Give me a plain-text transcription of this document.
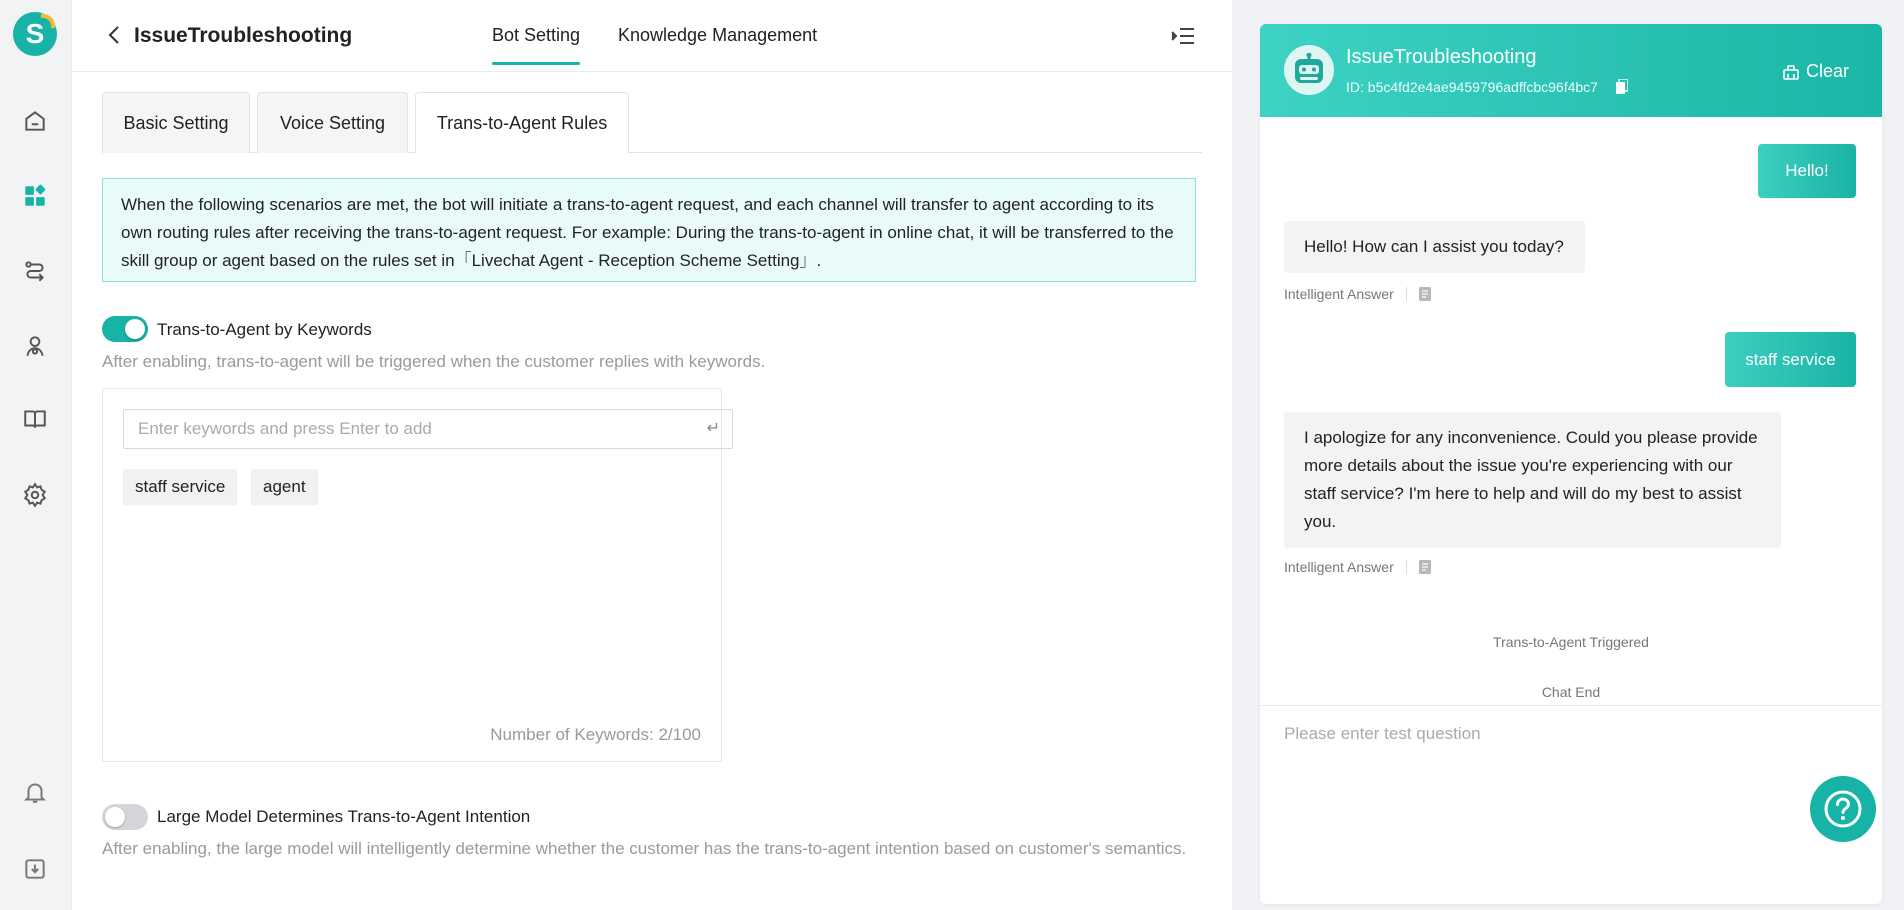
S	IssueTroubleshooting	Bot Setting Knowledge Management
Basic Setting	Voice Setting	Trans-to-Agent Rules
When the following scenarios are met, the bot will initiate a trans-to-agent request, and each channel will transfer to agent according to its own routing rules after receiving the trans-to-agent request. For example: During the trans-to-agent in online chat, it will be transferred to the skill group or agent based on the rules set in「Livechat Agent - Reception Scheme Setting」.
Trans-to-Agent by Keywords
After enabling, trans-to-agent will be triggered when the customer replies with keywords.
Enter keywords and press Enter to add
↵
staff service	agent
Number of Keywords: 2/100
Large Model Determines Trans-to-Agent Intention
After enabling, the large model will intelligently determine whether the customer has the trans-to-agent intention based on customer's semantics.
IssueTroubleshooting
ID: b5c4fd2e4ae9459796adffcbc96f4bc7
Clear
Hello!
Hello! How can I assist you today?
Intelligent Answer
staff service
I apologize for any inconvenience. Could you please provide more details about the issue you're experiencing with our staff service? I'm here to help and will do my best to assist you.
Intelligent Answer
Trans-to-Agent Triggered
Chat End
Please enter test question
